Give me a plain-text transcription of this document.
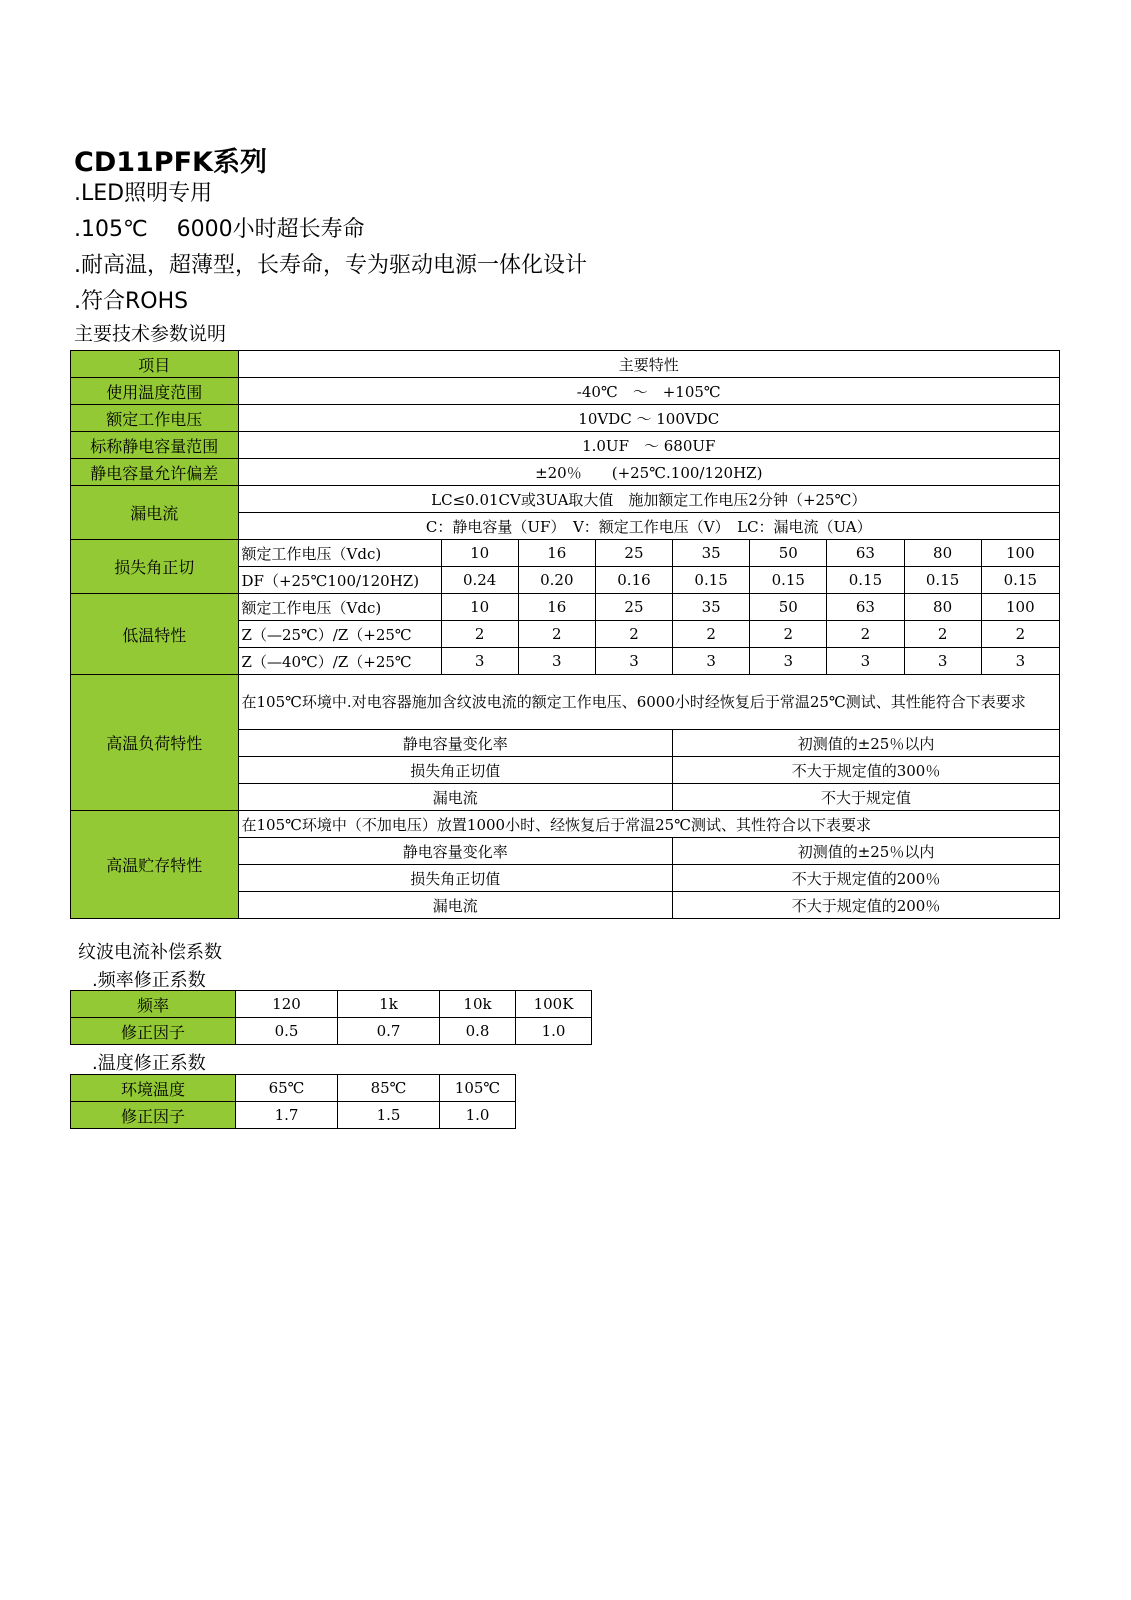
CD11PFK系列
.LED照明专用
.105℃　 6000小时超长寿命
.耐高温，超薄型，长寿命，专为驱动电源一体化设计
.符合ROHS
主要技术参数说明
项目	主要特性								
使用温度范围	-40℃　～　+105℃								
额定工作电压	10VDC ～ 100VDC								
标称静电容量范围	1.0UF　～ 680UF								
静电容量允许偏差	±20％　　(+25℃.100/120HZ)								
漏电流	LC≤0.01CV或3UA取大值　施加额定工作电压2分钟（+25℃）								
	C：静电容量（UF）　V：额定工作电压（V）　LC：漏电流（UA）								
损失角正切	额定工作电压（Vdc)	10	16	25	35	50	63	80	100
	DF（+25℃100/120HZ)	0.24	0.20	0.16	0.15	0.15	0.15	0.15	0.15
低温特性	额定工作电压（Vdc)	10	16	25	35	50	63	80	100
	Z（—25℃）/Z（+25℃	2	2	2	2	2	2	2	2
	Z（—40℃）/Z（+25℃	3	3	3	3	3	3	3	3
高温负荷特性	在105℃环境中.对电容器施加含纹波电流的额定工作电压、6000小时经恢复后于常温25℃测试、其性能符合下表要求								
	静电容量变化率				初测值的±25％以内				
	损失角正切值				不大于规定值的300％				
	漏电流				不大于规定值				
高温贮存特性	在105℃环境中（不加电压）放置1000小时、经恢复后于常温25℃测试、其性符合以下表要求								
	静电容量变化率				初测值的±25％以内				
	损失角正切值				不大于规定值的200％				
	漏电流				不大于规定值的200％				
纹波电流补偿系数
.频率修正系数
频率	120	1k	10k	100K
修正因子	0.5	0.7	0.8	1.0
.温度修正系数
环境温度	65℃	85℃	105℃
修正因子	1.7	1.5	1.0
